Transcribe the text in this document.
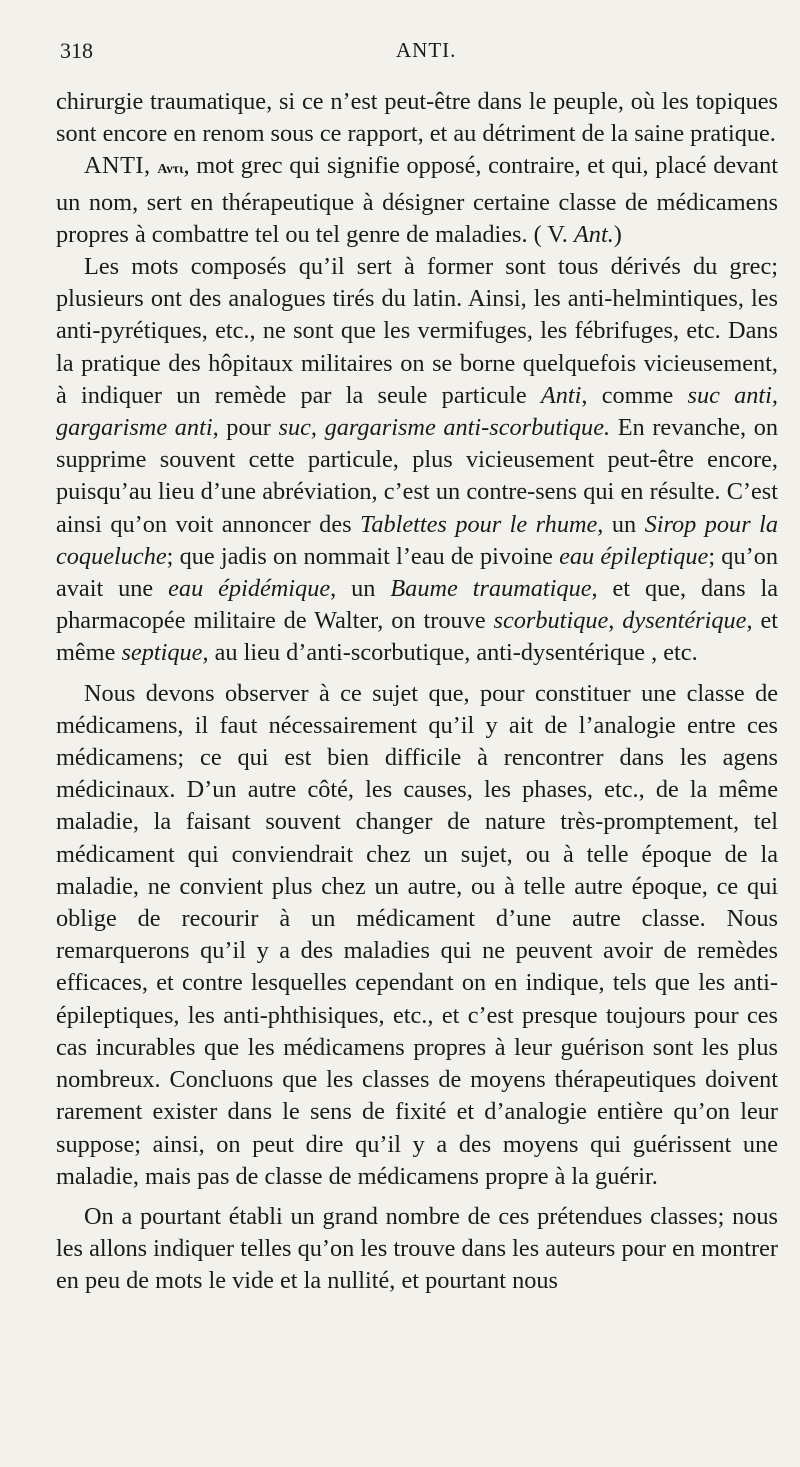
318	ANTI.

chirurgie traumatique, si ce n’est peut-être dans le peuple, où les topiques sont encore en renom sous ce rapport, et au détriment de la saine pratique.

ANTI, Αντι, mot grec qui signifie opposé, contraire, et qui, placé devant un nom, sert en thérapeutique à désigner certaine classe de médicamens propres à combattre tel ou tel genre de maladies. ( V. Ant.)

Les mots composés qu’il sert à former sont tous dérivés du grec; plusieurs ont des analogues tirés du latin. Ainsi, les anti-helmintiques, les anti-pyrétiques, etc., ne sont que les vermifuges, les fébrifuges, etc. Dans la pratique des hôpitaux militaires on se borne quelquefois vicieusement, à indiquer un remède par la seule particule Anti, comme suc anti, gargarisme anti, pour suc, gargarisme anti-scorbutique. En revanche, on supprime souvent cette particule, plus vicieusement peut-être encore, puisqu’au lieu d’une abréviation, c’est un contre-sens qui en résulte. C’est ainsi qu’on voit annoncer des Tablettes pour le rhume, un Sirop pour la coqueluche; que jadis on nommait l’eau de pivoine eau épileptique; qu’on avait une eau épidémique, un Baume traumatique, et que, dans la pharmacopée militaire de Walter, on trouve scorbutique, dysentérique, et même septique, au lieu d’anti-scorbutique, anti-dysentérique , etc.

Nous devons observer à ce sujet que, pour constituer une classe de médicamens, il faut nécessairement qu’il y ait de l’analogie entre ces médicamens; ce qui est bien difficile à rencontrer dans les agens médicinaux. D’un autre côté, les causes, les phases, etc., de la même maladie, la faisant souvent changer de nature très-promptement, tel médicament qui conviendrait chez un sujet, ou à telle époque de la maladie, ne convient plus chez un autre, ou à telle autre époque, ce qui oblige de recourir à un médicament d’une autre classe. Nous remarquerons qu’il y a des maladies qui ne peuvent avoir de remèdes efficaces, et contre lesquelles cependant on en indique, tels que les anti-épileptiques, les anti-phthisiques, etc., et c’est presque toujours pour ces cas incurables que les médicamens propres à leur guérison sont les plus nombreux. Concluons que les classes de moyens thérapeutiques doivent rarement exister dans le sens de fixité et d’analogie entière qu’on leur suppose; ainsi, on peut dire qu’il y a des moyens qui guérissent une maladie, mais pas de classe de médicamens propre à la guérir.

On a pourtant établi un grand nombre de ces prétendues classes; nous les allons indiquer telles qu’on les trouve dans les auteurs pour en montrer en peu de mots le vide et la nullité, et pourtant nous
